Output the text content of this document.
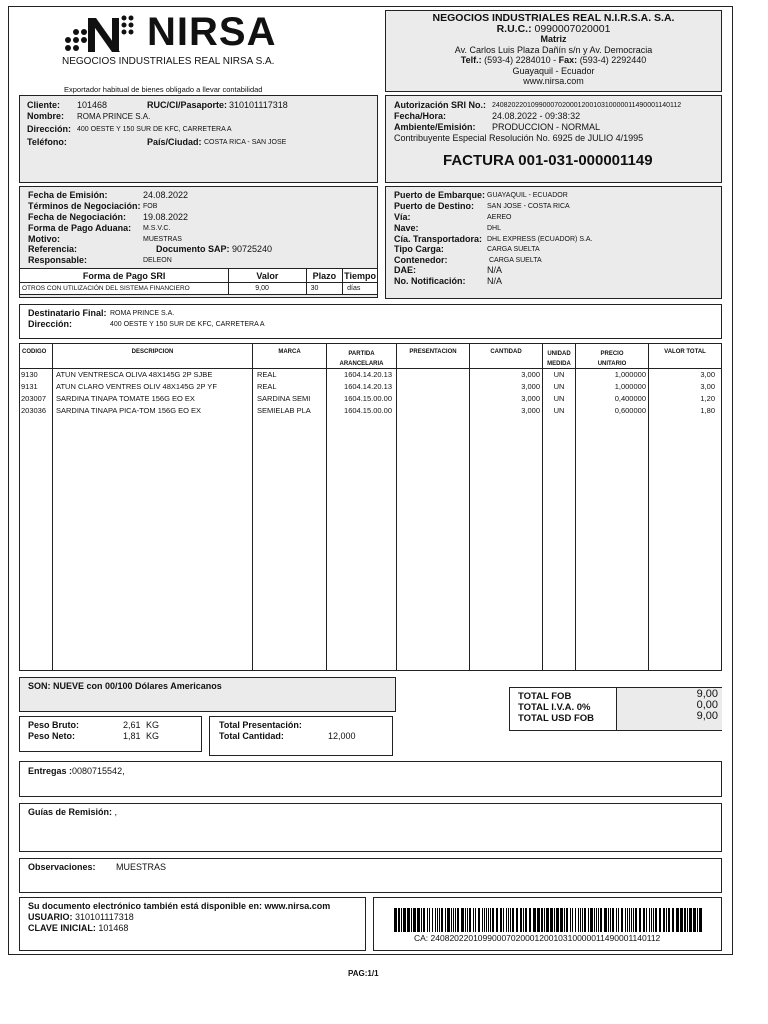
NIRSA
NEGOCIOS INDUSTRIALES REAL NIRSA S.A.
Exportador habitual de bienes obligado a llevar contabilidad
NEGOCIOS INDUSTRIALES REAL N.I.R.S.A. S.A.
R.U.C.: 0990007020001
Matriz
Av. Carlos Luis Plaza Dañín s/n y Av. Democracia
Telf.: (593-4) 2284010 - Fax: (593-4) 2292440
Guayaquil - Ecuador
www.nirsa.com
Cliente: 101468	RUC/CI/Pasaporte: 310101117318
Nombre: ROMA PRINCE S.A.
Dirección: 400 OESTE Y 150 SUR DE KFC, CARRETERA A
Teléfono:	País/Ciudad: COSTA RICA - SAN JOSE
Autorización SRI No.: 2408202201099000702000120010310000011490001140112
Fecha/Hora:	24.08.2022 - 09:38:32
Ambiente/Emisión: PRODUCCION - NORMAL
Contribuyente Especial Resolución No. 6925 de JULIO 4/1995
FACTURA 001-031-000001149
Fecha de Emisión:	24.08.2022
Términos de Negociación: FOB
Fecha de Negociación: 19.08.2022
Forma de Pago Aduana: M.S.V.C.
Motivo:	MUESTRAS
Referencia:	Documento SAP: 90725240
Responsable:	DELEON
Forma de Pago SRI	Valor	Plazo	Tiempo
OTROS CON UTILIZACIÓN DEL SISTEMA FINANCIERO	9,00	30	días
Puerto de Embarque: GUAYAQUIL - ECUADOR
Puerto de Destino: SAN JOSE - COSTA RICA
Vía:	AEREO
Nave:	DHL
Cía. Transportadora: DHL EXPRESS (ECUADOR) S.A.
Tipo Carga:	CARGA SUELTA
Contenedor:	CARGA SUELTA
DAE:	N/A
No. Notificación: N/A
Destinatario Final: ROMA PRINCE S.A.
Dirección:	400 OESTE Y 150 SUR DE KFC, CARRETERA A
CODIGO	DESCRIPCION	MARCA	PARTIDA
ARANCELARIA
PRESENTACION	CANTIDAD	UNIDAD
MEDIDA
PRECIO
UNITARIO
VALOR TOTAL
9130 ATUN VENTRESCA OLIVA 48X145G 2P SJBE	REAL	1604.14.20.13	3,000	UN	1,000000	3,00
9131 ATUN CLARO VENTRES OLIV 48X145G 2P YF	REAL	1604.14.20.13	3,000	UN	1,000000	3,00
203007 SARDINA TINAPA TOMATE 156G EO EX	SARDINA SEMI	1604.15.00.00	3,000	UN	0,400000	1,20
203036 SARDINA TINAPA PICA-TOM 156G EO EX	SEMIELAB PLA	1604.15.00.00	3,000	UN	0,600000	1,80
SON: NUEVE con 00/100 Dólares Americanos
TOTAL FOB	9,00
TOTAL I.V.A. 0%	0,00
TOTAL USD FOB	9,00
Peso Bruto:	2,61 KG
Peso Neto:	1,81 KG
Total Presentación:
Total Cantidad:	12,000
Entregas :0080715542,
Guías de Remisión: ,
Observaciones: MUESTRAS
Su documento electrónico también está disponible en: www.nirsa.com
USUARIO: 310101117318
CLAVE INICIAL: 101468
CA: 2408202201099000702000120010310000011490001140112
PAG:1/1
